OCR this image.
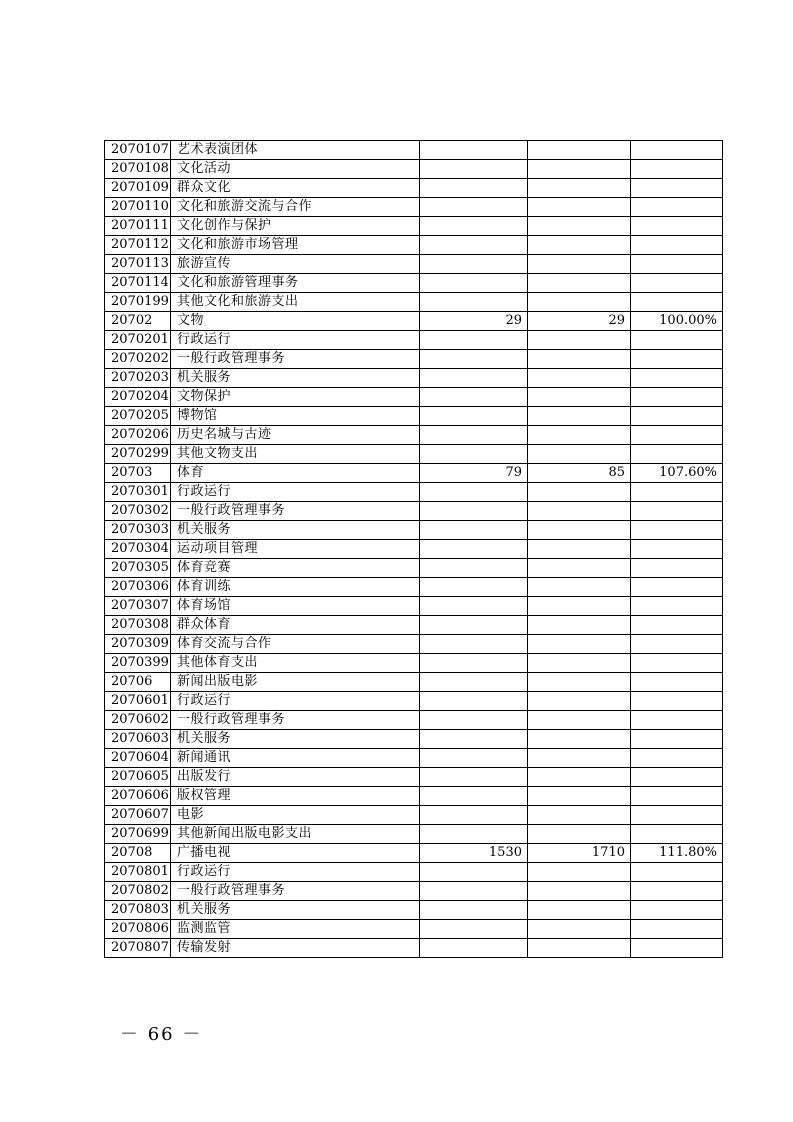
2070107	艺术表演团体			
2070108	文化活动			
2070109	群众文化			
2070110	文化和旅游交流与合作			
2070111	文化创作与保护			
2070112	文化和旅游市场管理			
2070113	旅游宣传			
2070114	文化和旅游管理事务			
2070199	其他文化和旅游支出			
20702	文物	29	29	100.00%
2070201	行政运行			
2070202	一般行政管理事务			
2070203	机关服务			
2070204	文物保护			
2070205	博物馆			
2070206	历史名城与古迹			
2070299	其他文物支出			
20703	体育	79	85	107.60%
2070301	行政运行			
2070302	一般行政管理事务			
2070303	机关服务			
2070304	运动项目管理			
2070305	体育竞赛			
2070306	体育训练			
2070307	体育场馆			
2070308	群众体育			
2070309	体育交流与合作			
2070399	其他体育支出			
20706	新闻出版电影			
2070601	行政运行			
2070602	一般行政管理事务			
2070603	机关服务			
2070604	新闻通讯			
2070605	出版发行			
2070606	版权管理			
2070607	电影			
2070699	其他新闻出版电影支出			
20708	广播电视	1530	1710	111.80%
2070801	行政运行			
2070802	一般行政管理事务			
2070803	机关服务			
2070806	监测监管			
2070807	传输发射			
－ 66 －
